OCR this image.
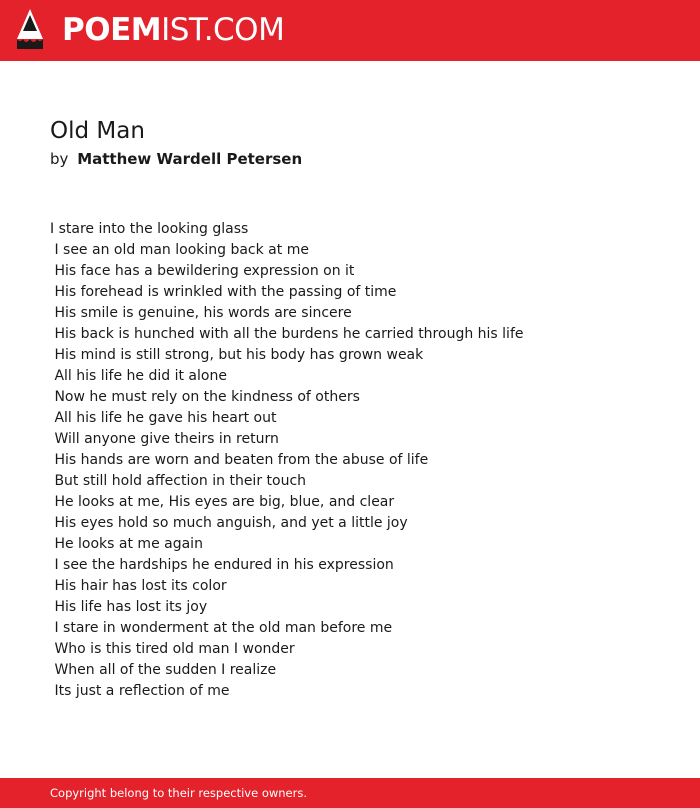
POEMIST.COM
Old Man
by Matthew Wardell Petersen
I stare into the looking glass
I see an old man looking back at me
His face has a bewildering expression on it
His forehead is wrinkled with the passing of time
His smile is genuine, his words are sincere
His back is hunched with all the burdens he carried through his life
His mind is still strong, but his body has grown weak
All his life he did it alone
Now he must rely on the kindness of others
All his life he gave his heart out
Will anyone give theirs in return
His hands are worn and beaten from the abuse of life
But still hold affection in their touch
He looks at me, His eyes are big, blue, and clear
His eyes hold so much anguish, and yet a little joy
He looks at me again
I see the hardships he endured in his expression
His hair has lost its color
His life has lost its joy
I stare in wonderment at the old man before me
Who is this tired old man I wonder
When all of the sudden I realize
Its just a reflection of me
Copyright belong to their respective owners.
